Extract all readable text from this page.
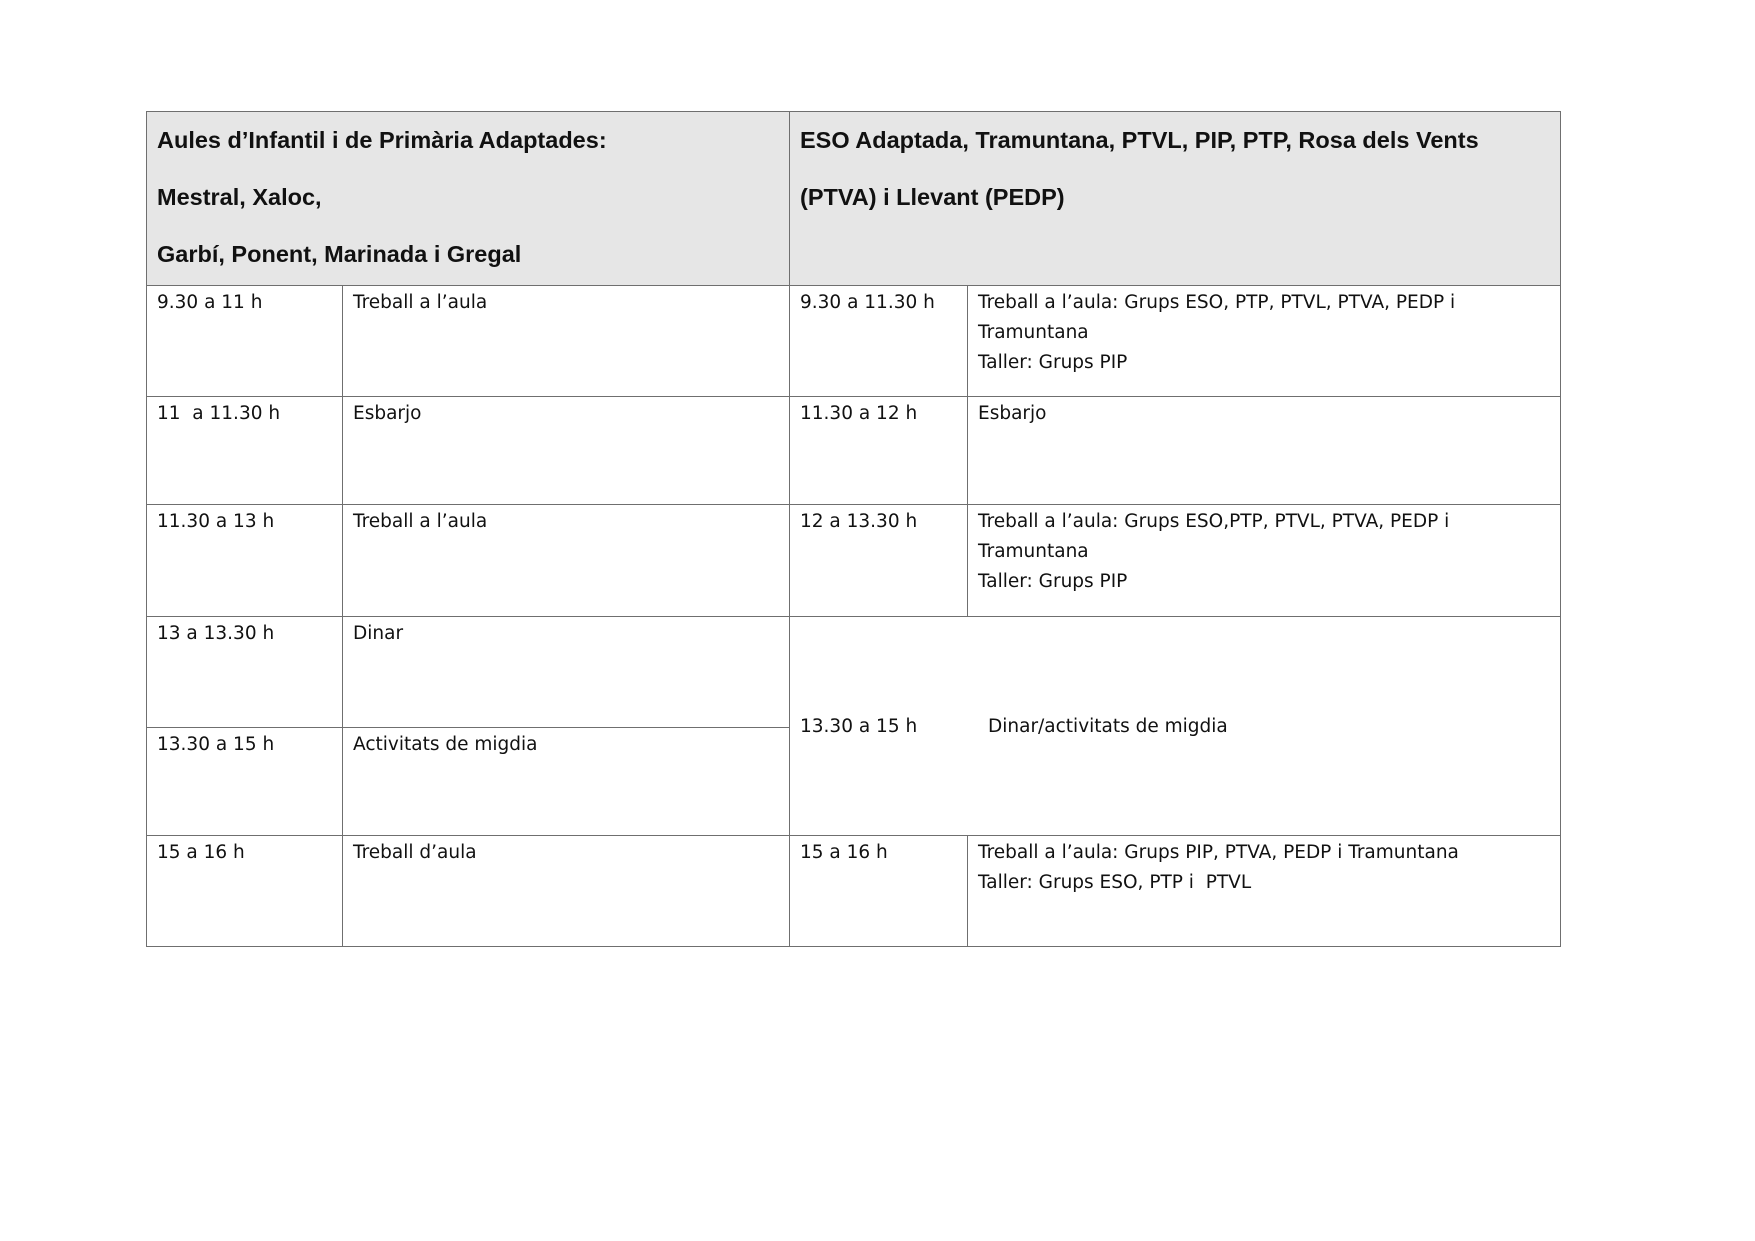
Aules d’Infantil i de Primària Adaptades:
Mestral, Xaloc,
Garbí, Ponent, Marinada i Gregal		ESO Adaptada, Tramuntana, PTVL, PIP, PTP, Rosa dels Vents
(PTVA) i Llevant (PEDP)	

9.30 a 11 h	Treball a l’aula	9.30 a 11.30 h	Treball a l’aula: Grups ESO, PTP, PTVL, PTVA, PEDP i
Tramuntana
Taller: Grups PIP

11  a 11.30 h	Esbarjo	11.30 a 12 h	Esbarjo

11.30 a 13 h	Treball a l’aula	12 a 13.30 h	Treball a l’aula: Grups ESO,PTP, PTVL, PTVA, PEDP i
Tramuntana
Taller: Grups PIP

13 a 13.30 h	Dinar	13.30 a 15 h Dinar/activitats de migdia	

13.30 a 15 h	Activitats de migdia		

15 a 16 h	Treball d’aula	15 a 16 h	Treball a l’aula: Grups PIP, PTVA, PEDP i Tramuntana
Taller: Grups ESO, PTP i  PTVL
